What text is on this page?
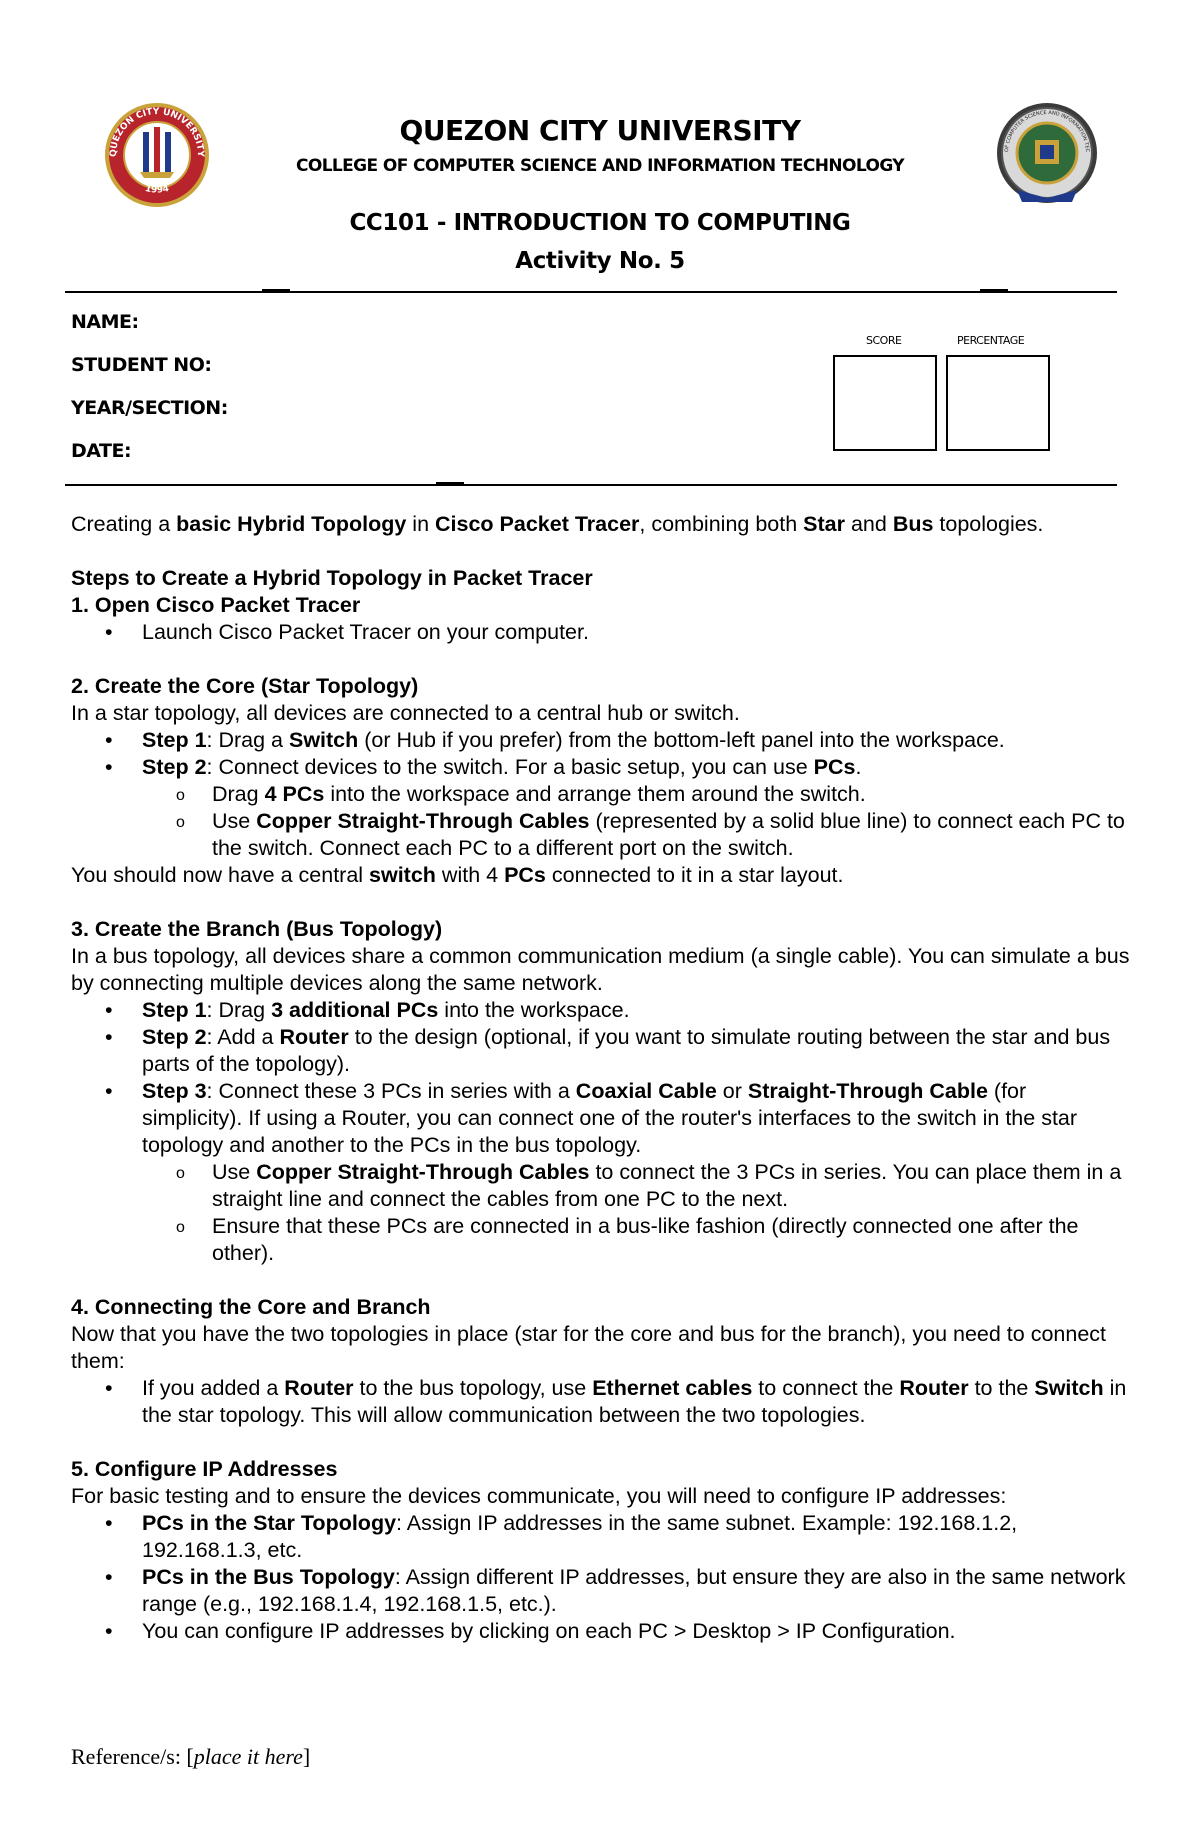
QUEZON CITY UNIVERSITY
1994
OF COMPUTER SCIENCE AND INFORMATION TEC
QUEZON CITY UNIVERSITY
COLLEGE OF COMPUTER SCIENCE AND INFORMATION TECHNOLOGY
CC101 - INTRODUCTION TO COMPUTING
Activity No. 5
NAME:
STUDENT NO:
YEAR/SECTION:
DATE:
SCORE	PERCENTAGE

Creating a basic Hybrid Topology in Cisco Packet Tracer, combining both Star and Bus topologies.

Steps to Create a Hybrid Topology in Packet Tracer

1. Open Cisco Packet Tracer

• Launch Cisco Packet Tracer on your computer.

2. Create the Core (Star Topology)

In a star topology, all devices are connected to a central hub or switch.

• Step 1: Drag a Switch (or Hub if you prefer) from the bottom-left panel into the workspace.

• Step 2: Connect devices to the switch. For a basic setup, you can use PCs.

o Drag 4 PCs into the workspace and arrange them around the switch.

o Use Copper Straight-Through Cables (represented by a solid blue line) to connect each PC to the switch. Connect each PC to a different port on the switch.

You should now have a central switch with 4 PCs connected to it in a star layout.

3. Create the Branch (Bus Topology)

In a bus topology, all devices share a common communication medium (a single cable). You can simulate a bus by connecting multiple devices along the same network.

• Step 1: Drag 3 additional PCs into the workspace.

• Step 2: Add a Router to the design (optional, if you want to simulate routing between the star and bus parts of the topology).

• Step 3: Connect these 3 PCs in series with a Coaxial Cable or Straight-Through Cable (for simplicity). If using a Router, you can connect one of the router's interfaces to the switch in the star topology and another to the PCs in the bus topology.

o Use Copper Straight-Through Cables to connect the 3 PCs in series. You can place them in a straight line and connect the cables from one PC to the next.

o Ensure that these PCs are connected in a bus-like fashion (directly connected one after the other).

4. Connecting the Core and Branch

Now that you have the two topologies in place (star for the core and bus for the branch), you need to connect them:

• If you added a Router to the bus topology, use Ethernet cables to connect the Router to the Switch in the star topology. This will allow communication between the two topologies.

5. Configure IP Addresses

For basic testing and to ensure the devices communicate, you will need to configure IP addresses:

• PCs in the Star Topology: Assign IP addresses in the same subnet. Example: 192.168.1.2, 192.168.1.3, etc.

• PCs in the Bus Topology: Assign different IP addresses, but ensure they are also in the same network range (e.g., 192.168.1.4, 192.168.1.5, etc.).

• You can configure IP addresses by clicking on each PC > Desktop > IP Configuration.

Reference/s: [place it here]
